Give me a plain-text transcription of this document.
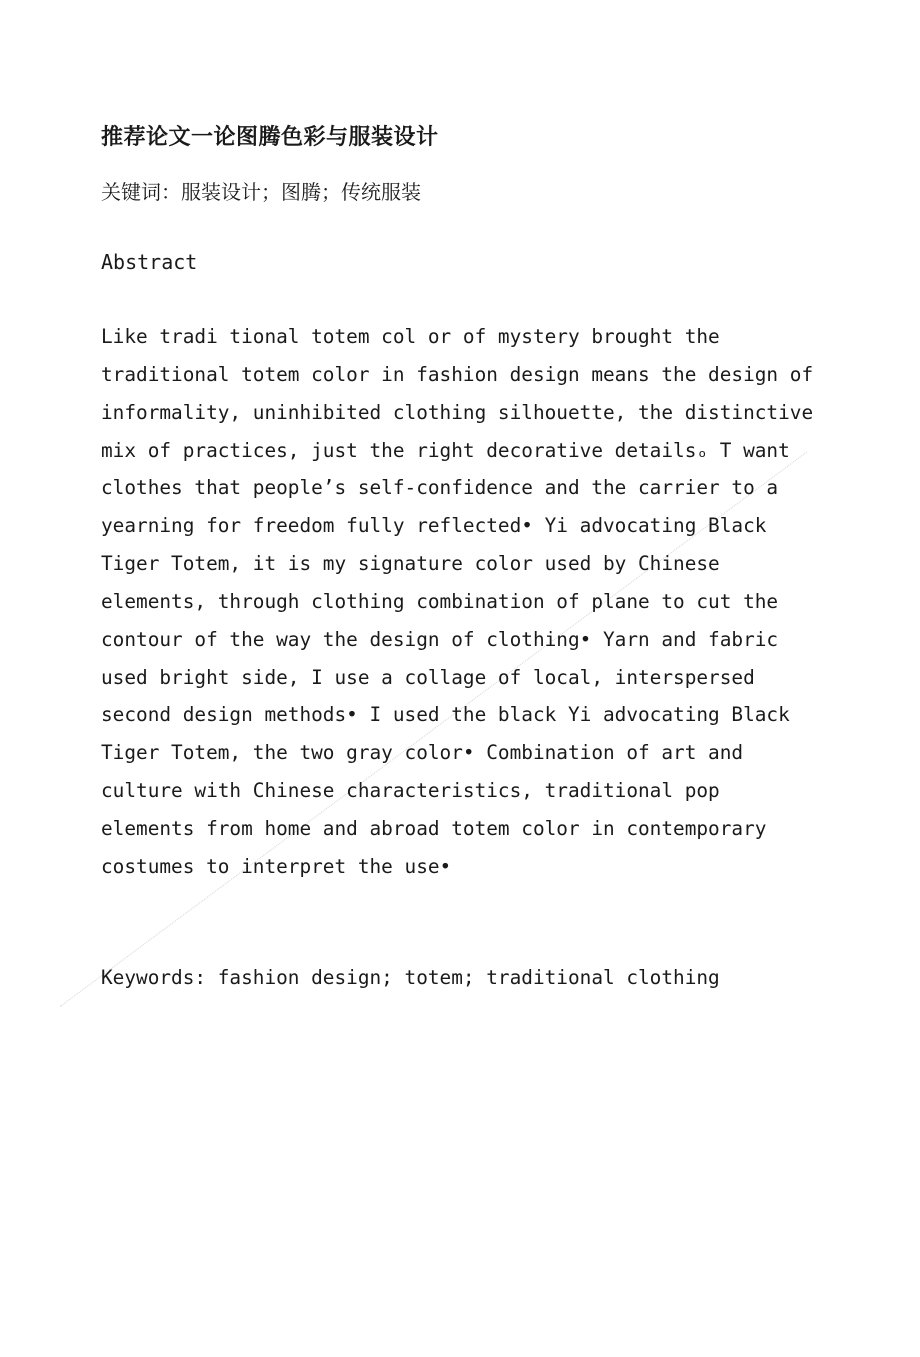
推荐论文一论图腾色彩与服装设计

关键词：服装设计；图腾；传统服装

Abstract

Like tradi tional totem col or of mystery brought the
traditional totem color in fashion design means the design of
informality, uninhibited clothing silhouette, the distinctive
mix of practices, just the right decorative detailsₒ T want
clothes that people’s self-confidence and the carrier to a
yearning for freedom fully reflected• Yi advocating Black
Tiger Totem, it is my signature color used by Chinese
elements, through clothing combination of plane to cut the
contour of the way the design of clothing• Yarn and fabric
used bright side, I use a collage of local, interspersed
second design methods• I used the black Yi advocating Black
Tiger Totem, the two gray color• Combination of art and
culture with Chinese characteristics, traditional pop
elements from home and abroad totem color in contemporary
costumes to interpret the use•

Keywords: fashion design; totem; traditional clothing
